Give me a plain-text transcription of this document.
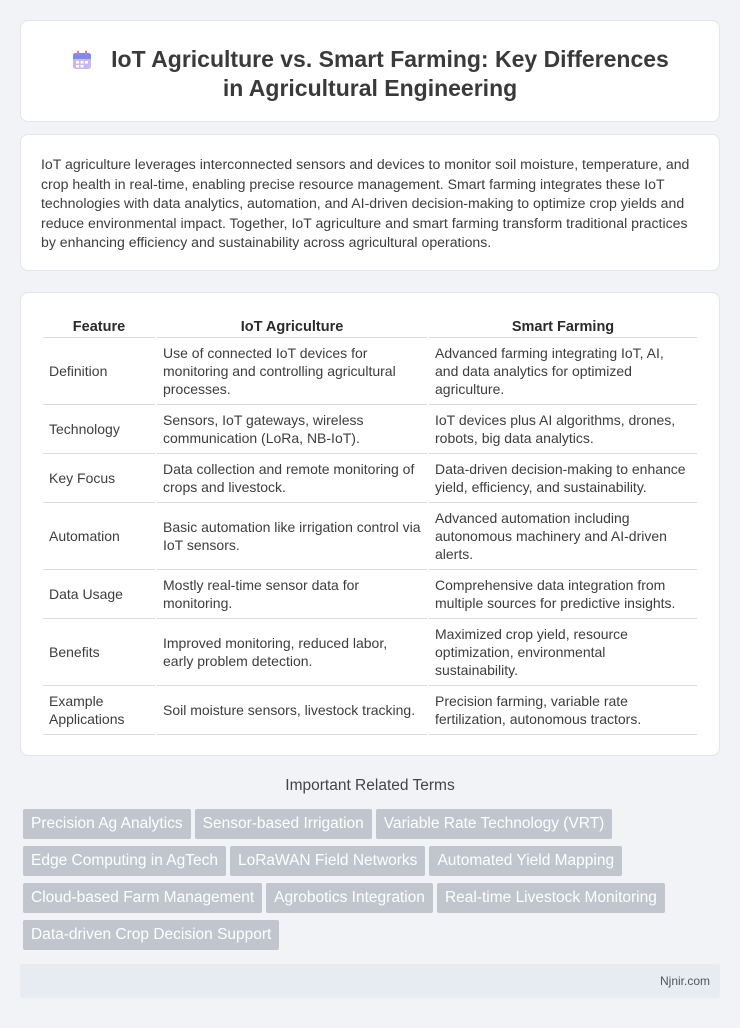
IoT Agriculture vs. Smart Farming: Key Differences in Agricultural Engineering

IoT agriculture leverages interconnected sensors and devices to monitor soil moisture, temperature, and crop health in real-time, enabling precise resource management. Smart farming integrates these IoT technologies with data analytics, automation, and AI-driven decision-making to optimize crop yields and reduce environmental impact. Together, IoT agriculture and smart farming transform traditional practices by enhancing efficiency and sustainability across agricultural operations.

Feature	IoT Agriculture	Smart Farming
Definition	Use of connected IoT devices for monitoring and controlling agricultural processes.	Advanced farming integrating IoT, AI, and data analytics for optimized agriculture.
Technology	Sensors, IoT gateways, wireless communication (LoRa, NB-IoT).	IoT devices plus AI algorithms, drones, robots, big data analytics.
Key Focus	Data collection and remote monitoring of crops and livestock.	Data-driven decision-making to enhance yield, efficiency, and sustainability.
Automation	Basic automation like irrigation control via IoT sensors.	Advanced automation including autonomous machinery and AI-driven alerts.
Data Usage	Mostly real-time sensor data for monitoring.	Comprehensive data integration from multiple sources for predictive insights.
Benefits	Improved monitoring, reduced labor, early problem detection.	Maximized crop yield, resource optimization, environmental sustainability.
Example Applications	Soil moisture sensors, livestock tracking.	Precision farming, variable rate fertilization, autonomous tractors.
Important Related Terms
Precision Ag Analytics Sensor-based Irrigation Variable Rate Technology (VRT)Edge Computing in AgTech LoRaWAN Field Networks Automated Yield MappingCloud-based Farm Management Agrobotics Integration Real-time Livestock MonitoringData-driven Crop Decision Support
Njnir.com
